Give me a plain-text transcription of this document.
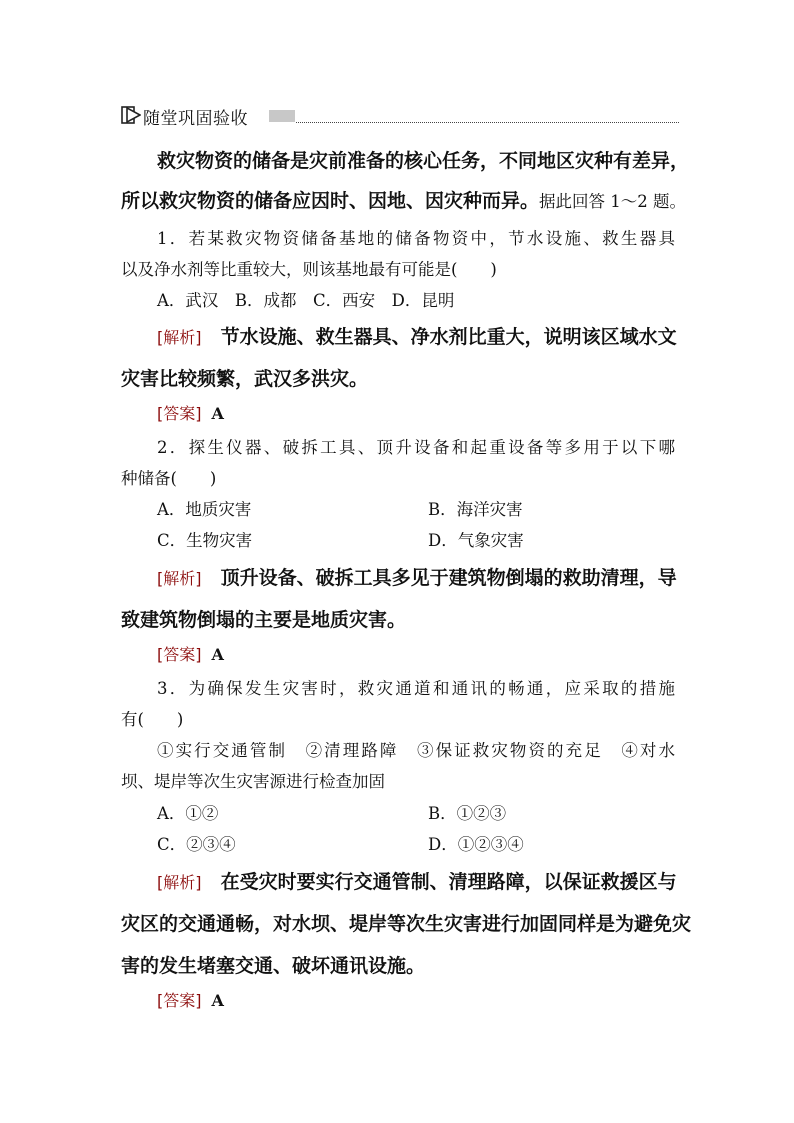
随堂巩固验收
救灾物资的储备是灾前准备的核心任务，不同地区灾种有差异，
所以救灾物资的储备应因时、因地、因灾种而异。据此回答 1～2 题。
1．若某救灾物资储备基地的储备物资中，节水设施、救生器具
以及净水剂等比重较大，则该基地最有可能是(　　)
A．武汉　B．成都　C．西安　D．昆明
[解析] 节水设施、救生器具、净水剂比重大，说明该区域水文
灾害比较频繁，武汉多洪灾。
[答案] A
2．探生仪器、破拆工具、顶升设备和起重设备等多用于以下哪
种储备(　　)
A．地质灾害	B．海洋灾害
C．生物灾害	D．气象灾害
[解析] 顶升设备、破拆工具多见于建筑物倒塌的救助清理，导
致建筑物倒塌的主要是地质灾害。
[答案] A
3．为确保发生灾害时，救灾通道和通讯的畅通，应采取的措施
有(　　)
①实行交通管制　②清理路障　③保证救灾物资的充足　④对水
坝、堤岸等次生灾害源进行检查加固
A．①②	B．①②③
C．②③④	D．①②③④
[解析] 在受灾时要实行交通管制、清理路障，以保证救援区与
灾区的交通通畅，对水坝、堤岸等次生灾害进行加固同样是为避免灾
害的发生堵塞交通、破坏通讯设施。
[答案] A
